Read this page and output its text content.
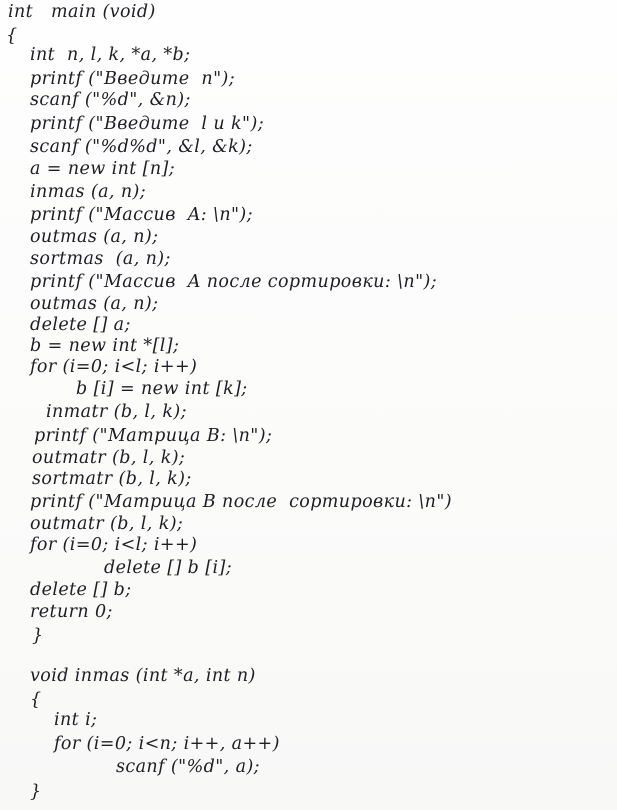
int   main (void)
{
int  n, l, k, *a, *b;
printf ("Введите  n");
scanf ("%d", &n);
printf ("Введите  l и k");
scanf ("%d%d", &l, &k);
a = new int [n];
inmas (a, n);
printf ("Массив  A: \n");
outmas (a, n);
sortmas  (a, n);
printf ("Массив  A после сортировки: \n");
outmas (a, n);
delete [] a;
b = new int *[l];
for (i=0; i<l; i++)
b [i] = new int [k];
inmatr (b, l, k);
printf ("Матрица B: \n");
outmatr (b, l, k);
sortmatr (b, l, k);
printf ("Матрица B после  сортировки: \n")
outmatr (b, l, k);
for (i=0; i<l; i++)
delete [] b [i];
delete [] b;
return 0;
}
void inmas (int *a, int n)
{
int i;
for (i=0; i<n; i++, a++)
scanf ("%d", a);
}
